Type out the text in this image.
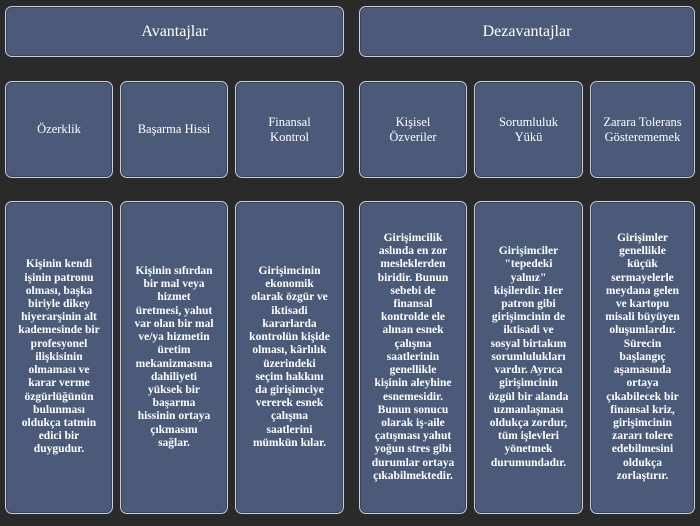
Avantajlar	Dezavantajlar
Özerklik	Başarma Hissi
Finansal
Kontrol
Kişisel
Özveriler
Sorumluluk
Yükü
Zarara Tolerans
Gösterememek
Kişinin kendi
işinin patronu
olması, başka
biriyle dikey
hiyerarşinin alt
kademesinde bir
profesyonel
ilişkisinin
olmaması ve
karar verme
özgürlüğünün
bulunması
oldukça tatmin
edici bir
duygudur.
Kişinin sıfırdan
bir mal veya
hizmet
üretmesi, yahut
var olan bir mal
ve/ya hizmetin
üretim
mekanizmasına
dahiliyeti
yüksek bir
başarma
hissinin ortaya
çıkmasını
sağlar.
Girişimcinin
ekonomik
olarak özgür ve
iktisadi
kararlarda
kontrolün kişide
olması, kârlılık
üzerindeki
seçim hakkını
da girişimciye
vererek esnek
çalışma
saatlerini
mümkün kılar.
Girişimcilik
aslında en zor
mesleklerden
biridir. Bunun
sebebi de
finansal
kontrolde ele
alınan esnek
çalışma
saatlerinin
genellikle
kişinin aleyhine
esnemesidir.
Bunun sonucu
olarak iş-aile
çatışması yahut
yoğun stres gibi
durumlar ortaya
çıkabilmektedir.
Girişimciler
"tepedeki
yalnız"
kişilerdir. Her
patron gibi
girişimcinin de
iktisadi ve
sosyal birtakım
sorumlulukları
vardır. Ayrıca
girişimcinin
özgül bir alanda
uzmanlaşması
oldukça zordur,
tüm işlevleri
yönetmek
durumundadır.
Girişimler
genellikle
küçük
sermayelerle
meydana gelen
ve kartopu
misali büyüyen
oluşumlardır.
Sürecin
başlangıç
aşamasında
ortaya
çıkabilecek bir
finansal kriz,
girişimcinin
zararı tolere
edebilmesini
oldukça
zorlaştırır.
